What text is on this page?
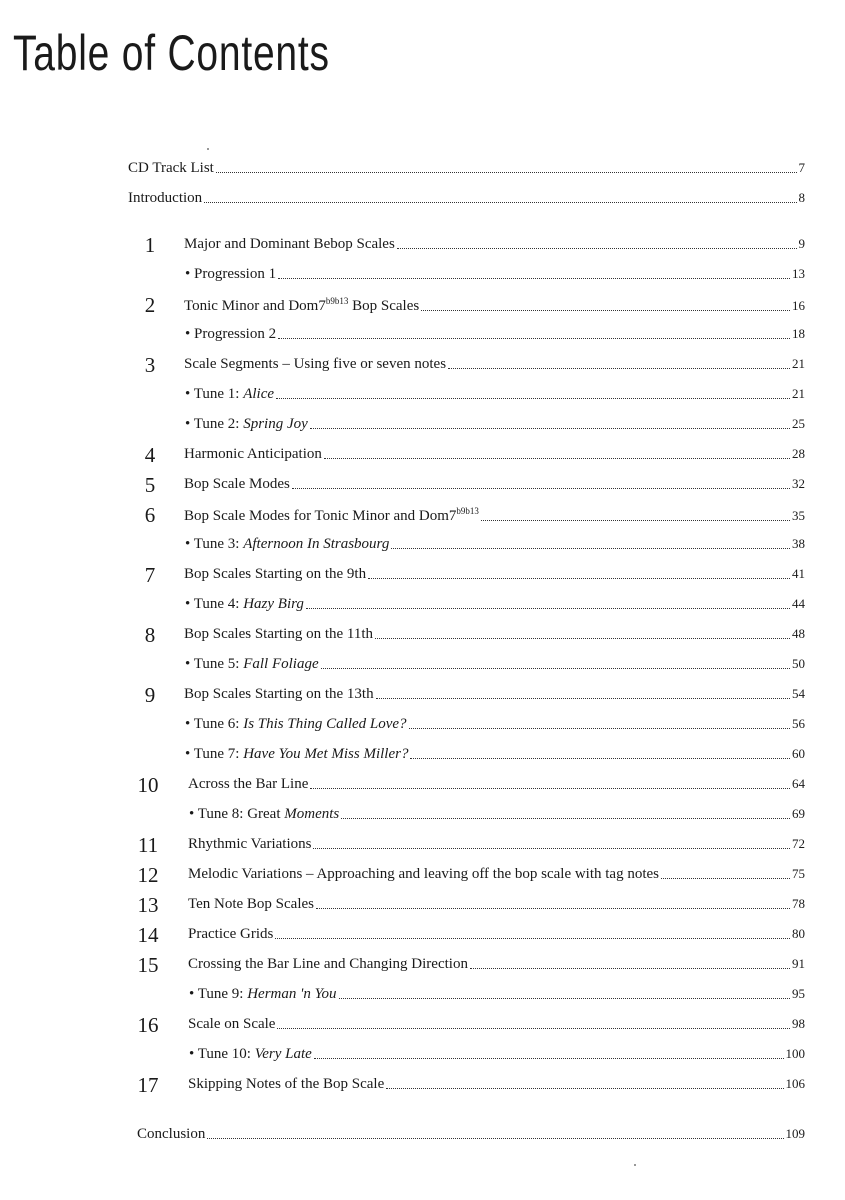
Table of Contents
CD Track List	7
Introduction	8
1	Major and Dominant Bebop Scales	9
• Progression 1	13
2	Tonic Minor and $Dom7^{b9b13}$ Bop Scales	16
• Progression 2	18
3	Scale Segments – Using five or seven notes	21
• Tune 1: Alice	21
• Tune 2: Spring Joy	25
4	Harmonic Anticipation	28
5	Bop Scale Modes	32
6	Bop Scale Modes for Tonic Minor and $Dom7^{b9b13}$	35
• Tune 3: Afternoon In Strasbourg	38
7	Bop Scales Starting on the 9th	41
• Tune 4: Hazy Birg	44
8	Bop Scales Starting on the 11th	48
• Tune 5: Fall Foliage	50
9	Bop Scales Starting on the 13th	54
• Tune 6: Is This Thing Called Love?	56
• Tune 7: Have You Met Miss Miller?	60
10	Across the Bar Line	64
• Tune 8: Great Moments	69
11	Rhythmic Variations	72
12	Melodic Variations – Approaching and leaving off the bop scale with tag notes	75
13	Ten Note Bop Scales	78
14	Practice Grids	80
15	Crossing the Bar Line and Changing Direction	91
• Tune 9: Herman 'n You	95
16	Scale on Scale	98
• Tune 10: Very Late	100
17	Skipping Notes of the Bop Scale	106
Conclusion	109
